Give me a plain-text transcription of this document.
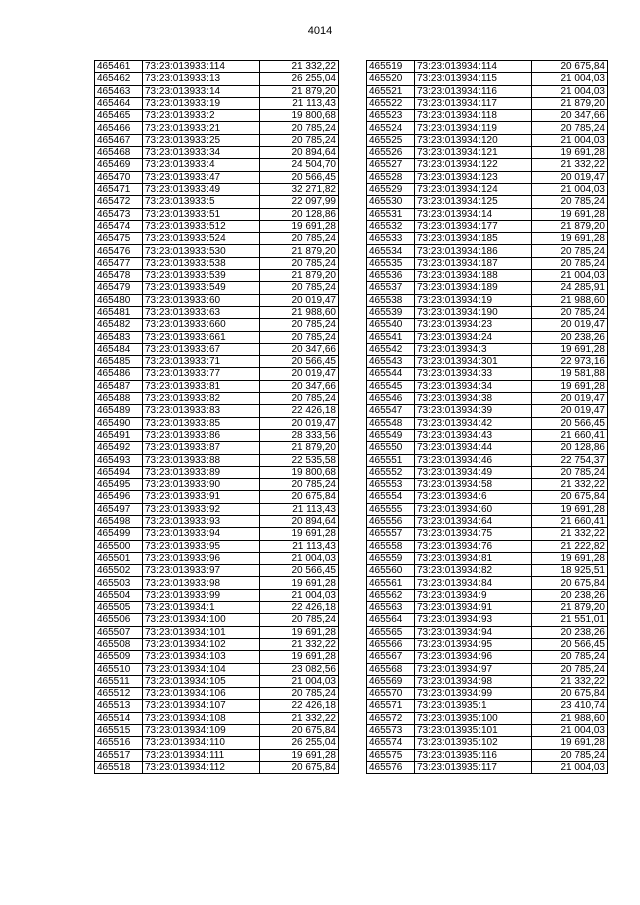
4014
465461	73:23:013933:114	21 332,22
465462	73:23:013933:13	26 255,04
465463	73:23:013933:14	21 879,20
465464	73:23:013933:19	21 113,43
465465	73:23:013933:2	19 800,68
465466	73:23:013933:21	20 785,24
465467	73:23:013933:25	20 785,24
465468	73:23:013933:34	20 894,64
465469	73:23:013933:4	24 504,70
465470	73:23:013933:47	20 566,45
465471	73:23:013933:49	32 271,82
465472	73:23:013933:5	22 097,99
465473	73:23:013933:51	20 128,86
465474	73:23:013933:512	19 691,28
465475	73:23:013933:524	20 785,24
465476	73:23:013933:530	21 879,20
465477	73:23:013933:538	20 785,24
465478	73:23:013933:539	21 879,20
465479	73:23:013933:549	20 785,24
465480	73:23:013933:60	20 019,47
465481	73:23:013933:63	21 988,60
465482	73:23:013933:660	20 785,24
465483	73:23:013933:661	20 785,24
465484	73:23:013933:67	20 347,66
465485	73:23:013933:71	20 566,45
465486	73:23:013933:77	20 019,47
465487	73:23:013933:81	20 347,66
465488	73:23:013933:82	20 785,24
465489	73:23:013933:83	22 426,18
465490	73:23:013933:85	20 019,47
465491	73:23:013933:86	28 333,56
465492	73:23:013933:87	21 879,20
465493	73:23:013933:88	22 535,58
465494	73:23:013933:89	19 800,68
465495	73:23:013933:90	20 785,24
465496	73:23:013933:91	20 675,84
465497	73:23:013933:92	21 113,43
465498	73:23:013933:93	20 894,64
465499	73:23:013933:94	19 691,28
465500	73:23:013933:95	21 113,43
465501	73:23:013933:96	21 004,03
465502	73:23:013933:97	20 566,45
465503	73:23:013933:98	19 691,28
465504	73:23:013933:99	21 004,03
465505	73:23:013934:1	22 426,18
465506	73:23:013934:100	20 785,24
465507	73:23:013934:101	19 691,28
465508	73:23:013934:102	21 332,22
465509	73:23:013934:103	19 691,28
465510	73:23:013934:104	23 082,56
465511	73:23:013934:105	21 004,03
465512	73:23:013934:106	20 785,24
465513	73:23:013934:107	22 426,18
465514	73:23:013934:108	21 332,22
465515	73:23:013934:109	20 675,84
465516	73:23:013934:110	26 255,04
465517	73:23:013934:111	19 691,28
465518	73:23:013934:112	20 675,84
465519	73:23:013934:114	20 675,84
465520	73:23:013934:115	21 004,03
465521	73:23:013934:116	21 004,03
465522	73:23:013934:117	21 879,20
465523	73:23:013934:118	20 347,66
465524	73:23:013934:119	20 785,24
465525	73:23:013934:120	21 004,03
465526	73:23:013934:121	19 691,28
465527	73:23:013934:122	21 332,22
465528	73:23:013934:123	20 019,47
465529	73:23:013934:124	21 004,03
465530	73:23:013934:125	20 785,24
465531	73:23:013934:14	19 691,28
465532	73:23:013934:177	21 879,20
465533	73:23:013934:185	19 691,28
465534	73:23:013934:186	20 785,24
465535	73:23:013934:187	20 785,24
465536	73:23:013934:188	21 004,03
465537	73:23:013934:189	24 285,91
465538	73:23:013934:19	21 988,60
465539	73:23:013934:190	20 785,24
465540	73:23:013934:23	20 019,47
465541	73:23:013934:24	20 238,26
465542	73:23:013934:3	19 691,28
465543	73:23:013934:301	22 973,16
465544	73:23:013934:33	19 581,88
465545	73:23:013934:34	19 691,28
465546	73:23:013934:38	20 019,47
465547	73:23:013934:39	20 019,47
465548	73:23:013934:42	20 566,45
465549	73:23:013934:43	21 660,41
465550	73:23:013934:44	20 128,86
465551	73:23:013934:46	22 754,37
465552	73:23:013934:49	20 785,24
465553	73:23:013934:58	21 332,22
465554	73:23:013934:6	20 675,84
465555	73:23:013934:60	19 691,28
465556	73:23:013934:64	21 660,41
465557	73:23:013934:75	21 332,22
465558	73:23:013934:76	21 222,82
465559	73:23:013934:81	19 691,28
465560	73:23:013934:82	18 925,51
465561	73:23:013934:84	20 675,84
465562	73:23:013934:9	20 238,26
465563	73:23:013934:91	21 879,20
465564	73:23:013934:93	21 551,01
465565	73:23:013934:94	20 238,26
465566	73:23:013934:95	20 566,45
465567	73:23:013934:96	20 785,24
465568	73:23:013934:97	20 785,24
465569	73:23:013934:98	21 332,22
465570	73:23:013934:99	20 675,84
465571	73:23:013935:1	23 410,74
465572	73:23:013935:100	21 988,60
465573	73:23:013935:101	21 004,03
465574	73:23:013935:102	19 691,28
465575	73:23:013935:116	20 785,24
465576	73:23:013935:117	21 004,03
